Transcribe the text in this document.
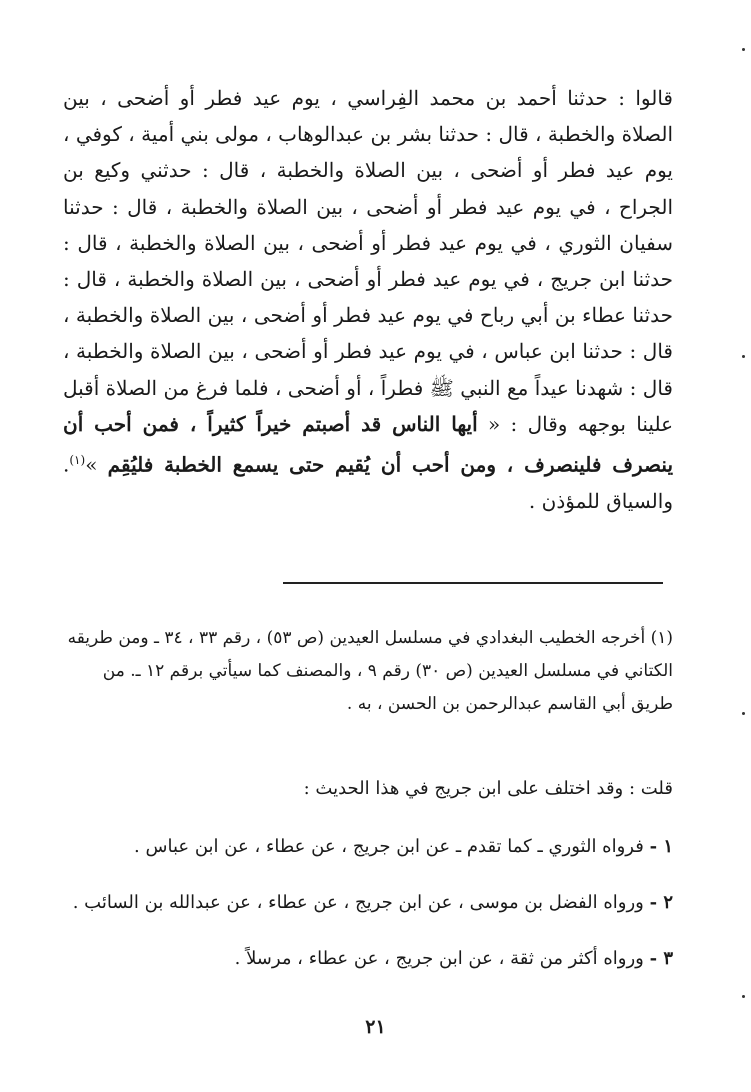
قالوا : حدثنا أحمد بن محمد الفِراسي ، يوم عيد فطر أو أضحى ، بين الصلاة والخطبة ، قال : حدثنا بشر بن عبدالوهاب ، مولى بني أمية ، كوفي ، يوم عيد فطر أو أضحى ، بين الصلاة والخطبة ، قال : حدثني وكيع بن الجراح ، في يوم عيد فطر أو أضحى ، بين الصلاة والخطبة ، قال : حدثنا سفيان الثوري ، في يوم عيد فطر أو أضحى ، بين الصلاة والخطبة ، قال : حدثنا ابن جريج ، في يوم عيد فطر أو أضحى ، بين الصلاة والخطبة ، قال : حدثنا عطاء بن أبي رباح في يوم عيد فطر أو أضحى ، بين الصلاة والخطبة ، قال : حدثنا ابن عباس ، في يوم عيد فطر أو أضحى ، بين الصلاة والخطبة ، قال : شهدنا عيداً مع النبي ﷺ فطراً ، أو أضحى ، فلما فرغ من الصلاة أقبل علينا بوجهه وقال : « أيها الناس قد أصبتم خيراً كثيراً ، فمن أحب أن ينصرف فلينصرف ، ومن أحب أن يُقيم حتى يسمع الخطبة فليُقِم »$^{(١)}$. والسياق للمؤذن .

(١) أخرجه الخطيب البغدادي في مسلسل العيدين (ص ٥٣) ، رقم ٣٣ ، ٣٤ ـ ومن طريقه الكتاني في مسلسل العيدين (ص ٣٠) رقم ٩ ، والمصنف كما سيأتي برقم ١٢ ـ. من طريق أبي القاسم عبدالرحمن بن الحسن ، به .

قلت : وقد اختلف على ابن جريج في هذا الحديث :

١ - فرواه الثوري ـ كما تقدم ـ عن ابن جريج ، عن عطاء ، عن ابن عباس .

٢ - ورواه الفضل بن موسى ، عن ابن جريج ، عن عطاء ، عن عبدالله بن السائب .

٣ - ورواه أكثر من ثقة ، عن ابن جريج ، عن عطاء ، مرسلاً .

٢١
